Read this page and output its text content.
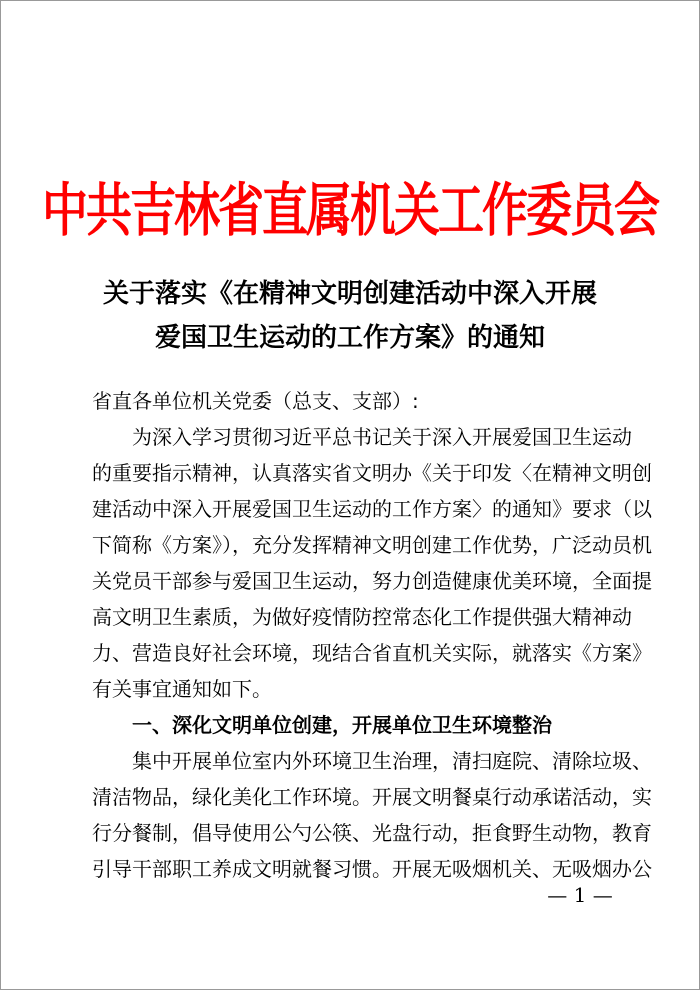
中共吉林省直属机关工作委员会
关于落实《在精神文明创建活动中深入开展
爱国卫生运动的工作方案》的通知
省直各单位机关党委（总支、支部）:
为深入学习贯彻习近平总书记关于深入开展爱国卫生运动
的重要指示精神，认真落实省文明办《关于印发〈在精神文明创
建活动中深入开展爱国卫生运动的工作方案〉的通知》要求（以
下简称《方案》），充分发挥精神文明创建工作优势，广泛动员机
关党员干部参与爱国卫生运动，努力创造健康优美环境，全面提
高文明卫生素质，为做好疫情防控常态化工作提供强大精神动
力、营造良好社会环境，现结合省直机关实际，就落实《方案》
有关事宜通知如下。
一、深化文明单位创建，开展单位卫生环境整治
集中开展单位室内外环境卫生治理，清扫庭院、清除垃圾、
清洁物品，绿化美化工作环境。开展文明餐桌行动承诺活动，实
行分餐制，倡导使用公勺公筷、光盘行动，拒食野生动物，教育
引导干部职工养成文明就餐习惯。开展无吸烟机关、无吸烟办公
— 1 —
